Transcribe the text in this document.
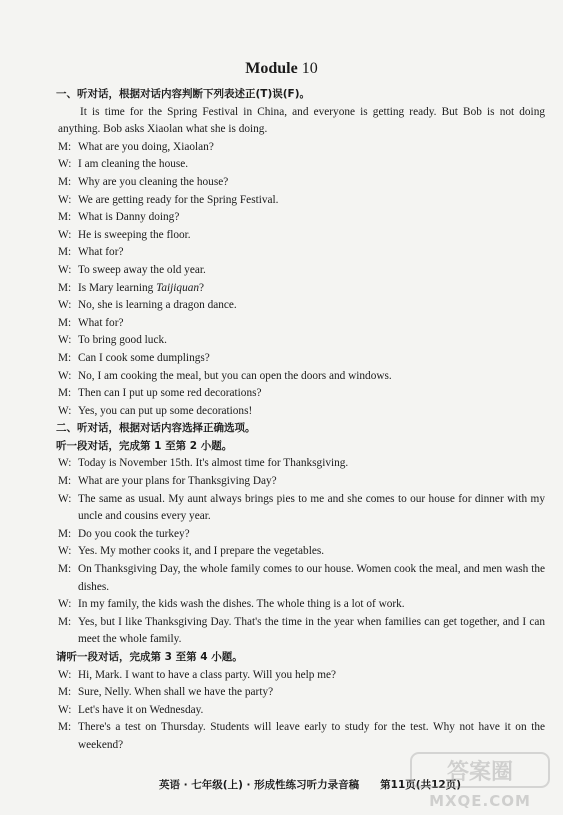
Module 10
一、听对话，根据对话内容判断下列表述正(T)误(F)。
It is time for the Spring Festival in China, and everyone is getting ready. But Bob is not doing anything. Bob asks Xiaolan what she is doing.
M: What are you doing, Xiaolan?
W: I am cleaning the house.
M: Why are you cleaning the house?
W: We are getting ready for the Spring Festival.
M: What is Danny doing?
W: He is sweeping the floor.
M: What for?
W: To sweep away the old year.
M: Is Mary learning Taijiquan?
W: No, she is learning a dragon dance.
M: What for?
W: To bring good luck.
M: Can I cook some dumplings?
W: No, I am cooking the meal, but you can open the doors and windows.
M: Then can I put up some red decorations?
W: Yes, you can put up some decorations!
二、听对话，根据对话内容选择正确选项。
听一段对话，完成第 1 至第 2 小题。
W: Today is November 15th. It's almost time for Thanksgiving.
M: What are your plans for Thanksgiving Day?
W: The same as usual. My aunt always brings pies to me and she comes to our house for dinner with my uncle and cousins every year.
M: Do you cook the turkey?
W: Yes. My mother cooks it, and I prepare the vegetables.
M: On Thanksgiving Day, the whole family comes to our house. Women cook the meal, and men wash the dishes.
W: In my family, the kids wash the dishes. The whole thing is a lot of work.
M: Yes, but I like Thanksgiving Day. That's the time in the year when families can get together, and I can meet the whole family.
请听一段对话，完成第 3 至第 4 小题。
W: Hi, Mark. I want to have a class party. Will you help me?
M: Sure, Nelly. When shall we have the party?
W: Let's have it on Wednesday.
M: There's a test on Thursday. Students will leave early to study for the test. Why not have it on the weekend?
英语 · 七年级(上) · 形成性练习听力录音稿　　第11页(共12页)
答案圈
MXQE.COM
